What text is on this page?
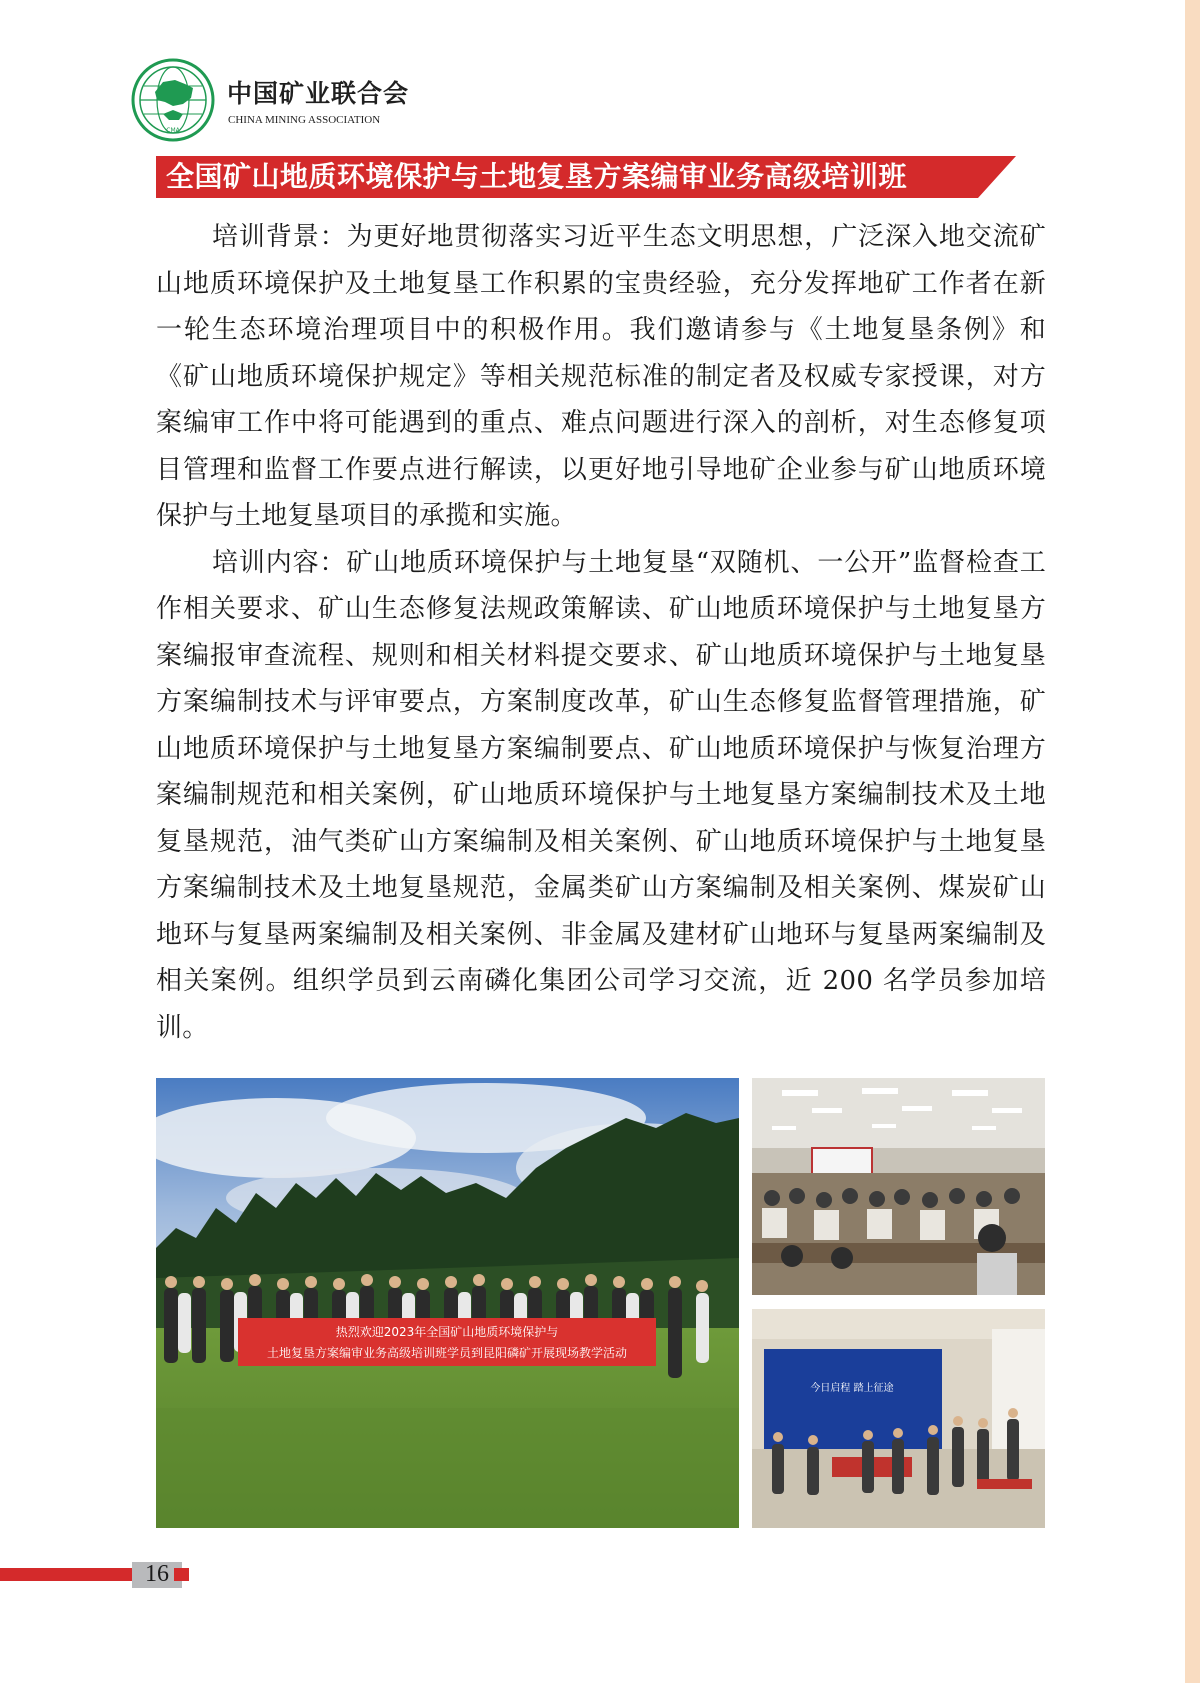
CMA
中国矿业联合会
CHINA MINING ASSOCIATION
全国矿山地质环境保护与土地复垦方案编审业务高级培训班

培训背景：为更好地贯彻落实习近平生态文明思想，广泛深入地交流矿山地质环境保护及土地复垦工作积累的宝贵经验，充分发挥地矿工作者在新一轮生态环境治理项目中的积极作用。我们邀请参与《土地复垦条例》和《矿山地质环境保护规定》等相关规范标准的制定者及权威专家授课，对方案编审工作中将可能遇到的重点、难点问题进行深入的剖析，对生态修复项目管理和监督工作要点进行解读，以更好地引导地矿企业参与矿山地质环境保护与土地复垦项目的承揽和实施。

培训内容：矿山地质环境保护与土地复垦“双随机、一公开”监督检查工作相关要求、矿山生态修复法规政策解读、矿山地质环境保护与土地复垦方案编报审查流程、规则和相关材料提交要求、矿山地质环境保护与土地复垦方案编制技术与评审要点，方案制度改革，矿山生态修复监督管理措施，矿山地质环境保护与土地复垦方案编制要点、矿山地质环境保护与恢复治理方案编制规范和相关案例，矿山地质环境保护与土地复垦方案编制技术及土地复垦规范，油气类矿山方案编制及相关案例、矿山地质环境保护与土地复垦方案编制技术及土地复垦规范，金属类矿山方案编制及相关案例、煤炭矿山地环与复垦两案编制及相关案例、非金属及建材矿山地环与复垦两案编制及相关案例。组织学员到云南磷化集团公司学习交流，近 200 名学员参加培训。

热烈欢迎2023年全国矿山地质环境保护与
土地复垦方案编审业务高级培训班学员到昆阳磷矿开展现场教学活动
今日启程 踏上征途
16
